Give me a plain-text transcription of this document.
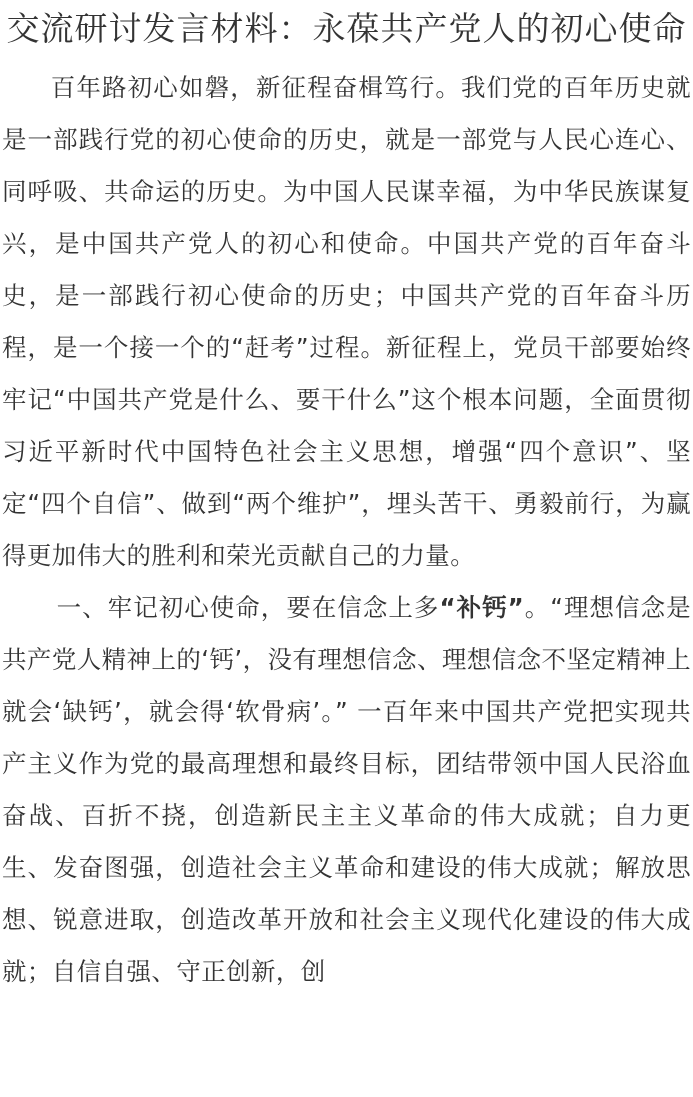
交流研讨发言材料：永葆共产党人的初心使命

百年路初心如磐，新征程奋楫笃行。我们党的百年历史就是一部践行党的初心使命的历史，就是一部党与人民心连心、同呼吸、共命运的历史。为中国人民谋幸福，为中华民族谋复兴，是中国共产党人的初心和使命。中国共产党的百年奋斗史，是一部践行初心使命的历史；中国共产党的百年奋斗历程，是一个接一个的“赶考”过程。新征程上，党员干部要始终牢记“中国共产党是什么、要干什么”这个根本问题，全面贯彻习近平新时代中国特色社会主义思想，增强“四个意识”、坚定“四个自信”、做到“两个维护”，埋头苦干、勇毅前行，为赢得更加伟大的胜利和荣光贡献自己的力量。

一、牢记初心使命，要在信念上多“补钙”。“理想信念是共产党人精神上的‘钙’，没有理想信念、理想信念不坚定精神上就会‘缺钙’，就会得‘软骨病’。” 一百年来中国共产党把实现共产主义作为党的最高理想和最终目标，团结带领中国人民浴血奋战、百折不挠，创造新民主主义革命的伟大成就；自力更生、发奋图强，创造社会主义革命和建设的伟大成就；解放思想、锐意进取，创造改革开放和社会主义现代化建设的伟大成就；自信自强、守正创新，创
